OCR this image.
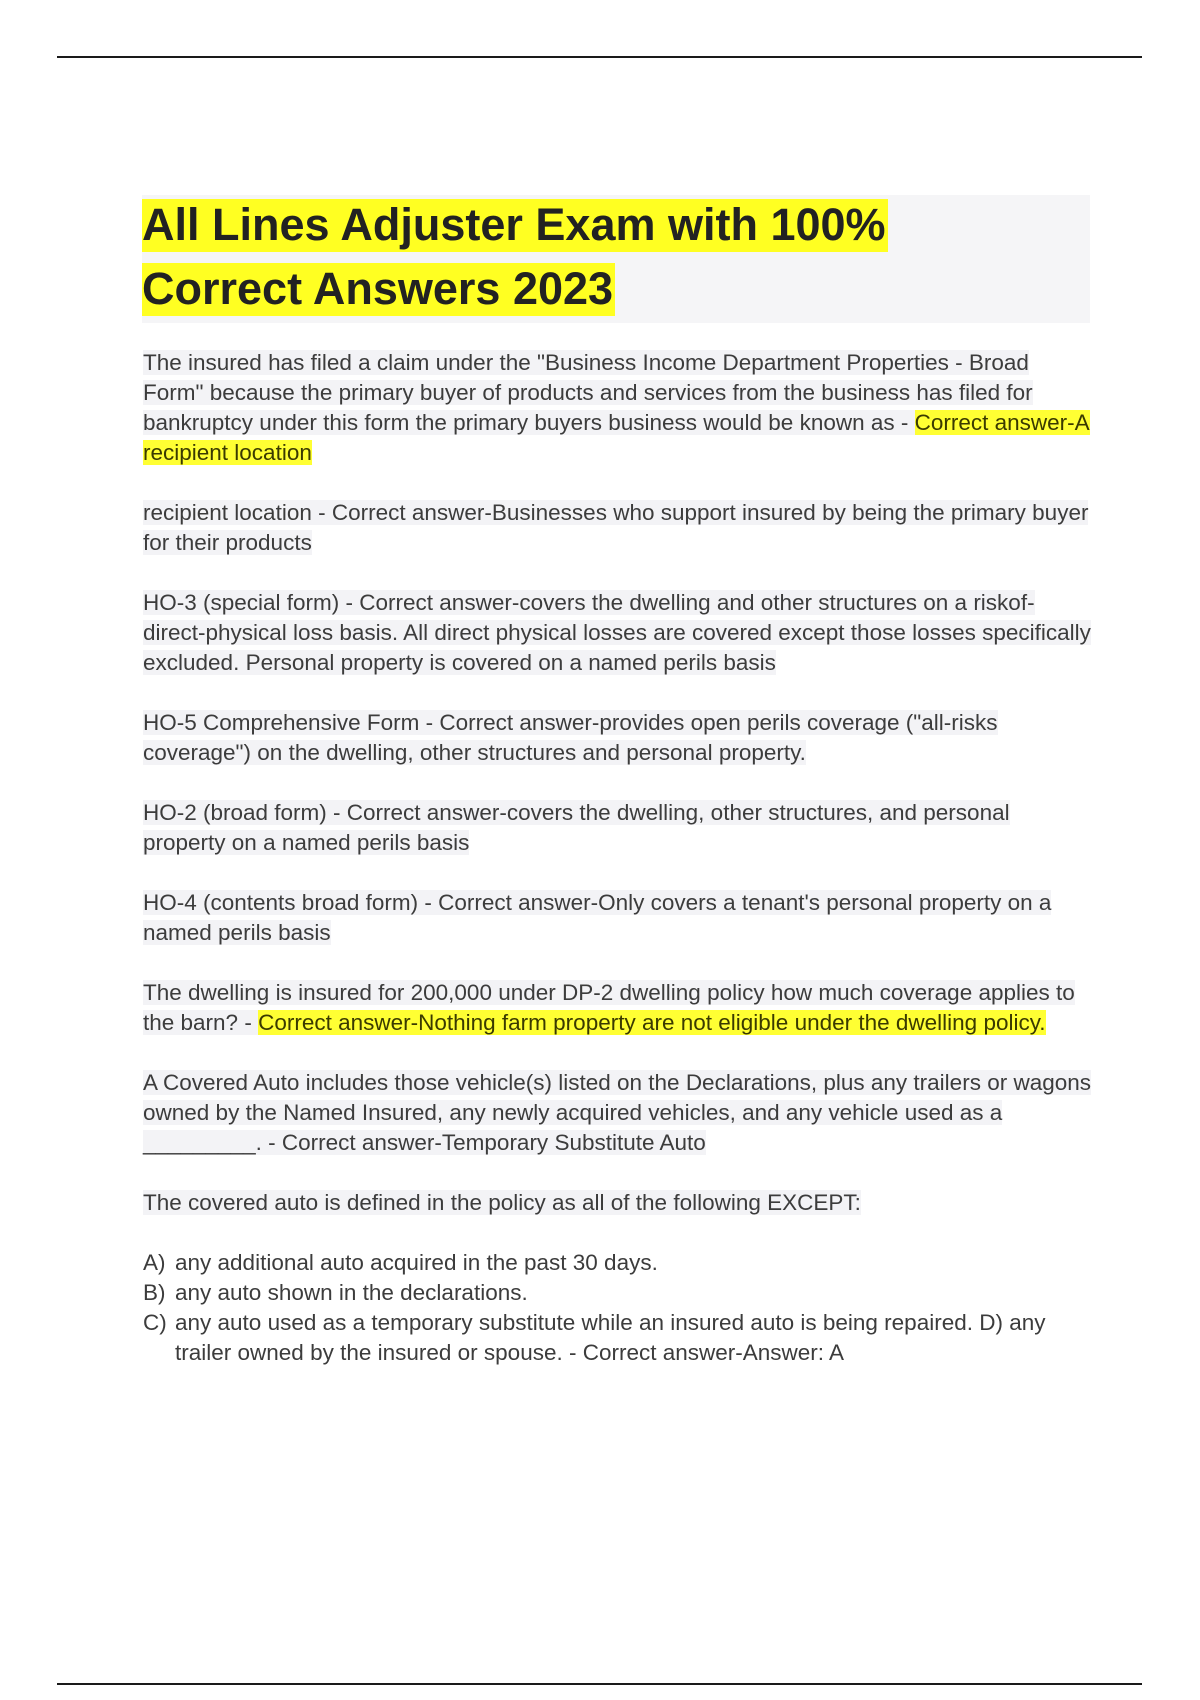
All Lines Adjuster Exam with 100%
Correct Answers 2023

The insured has filed a claim under the "Business Income Department Properties - Broad Form" because the primary buyer of products and services from the business has filed for bankruptcy under this form the primary buyers business would be known as - Correct answer-A recipient location

recipient location - Correct answer-Businesses who support insured by being the primary buyer for their products

HO-3 (special form) - Correct answer-covers the dwelling and other structures on a riskof-direct-physical loss basis. All direct physical losses are covered except those losses specifically excluded. Personal property is covered on a named perils basis

HO-5 Comprehensive Form - Correct answer-provides open perils coverage ("all-risks coverage") on the dwelling, other structures and personal property.

HO-2 (broad form) - Correct answer-covers the dwelling, other structures, and personal property on a named perils basis

HO-4 (contents broad form) - Correct answer-Only covers a tenant's personal property on a named perils basis

The dwelling is insured for 200,000 under DP-2 dwelling policy how much coverage applies to the barn? - Correct answer-Nothing farm property are not eligible under the dwelling policy.

A Covered Auto includes those vehicle(s) listed on the Declarations, plus any trailers or wagons owned by the Named Insured, any newly acquired vehicles, and any vehicle used as a _________. - Correct answer-Temporary Substitute Auto

The covered auto is defined in the policy as all of the following EXCEPT:

A) any additional auto acquired in the past 30 days.
B) any auto shown in the declarations.
C) any auto used as a temporary substitute while an insured auto is being repaired. D) any trailer owned by the insured or spouse. - Correct answer-Answer: A
